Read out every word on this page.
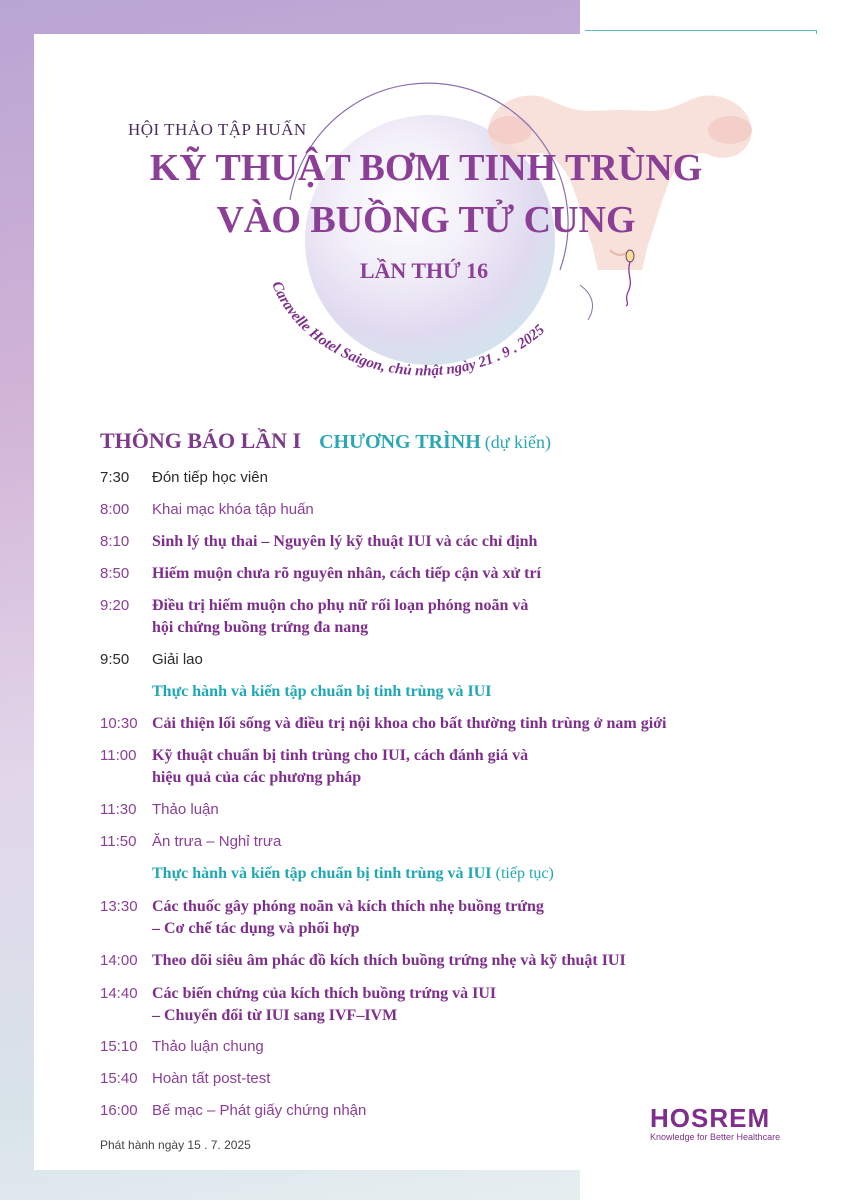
HỘI THẢO TẬP HUẤN
KỸ THUẬT BƠM TINH TRÙNG
VÀO BUỒNG TỬ CUNG
LẦN THỨ 16
Caravelle Hotel Saigon, chủ nhật ngày 21 . 9 . 2025
THÔNG BÁO LẦN I CHƯƠNG TRÌNH (dự kiến)
7:30	Đón tiếp học viên
8:00	Khai mạc khóa tập huấn
8:10	Sinh lý thụ thai – Nguyên lý kỹ thuật IUI và các chỉ định
8:50	Hiếm muộn chưa rõ nguyên nhân, cách tiếp cận và xử trí
9:20	Điều trị hiếm muộn cho phụ nữ rối loạn phóng noãn và
hội chứng buồng trứng đa nang
9:50	Giải lao
Thực hành và kiến tập chuẩn bị tinh trùng và IUI
10:30 Cải thiện lối sống và điều trị nội khoa cho bất thường tinh trùng ở nam giới
11:00 Kỹ thuật chuẩn bị tinh trùng cho IUI, cách đánh giá và
hiệu quả của các phương pháp
11:30	Thảo luận
11:50	Ăn trưa – Nghỉ trưa
Thực hành và kiến tập chuẩn bị tinh trùng và IUI (tiếp tục)
13:30 Các thuốc gây phóng noãn và kích thích nhẹ buồng trứng
– Cơ chế tác dụng và phối hợp
14:00 Theo dõi siêu âm phác đồ kích thích buồng trứng nhẹ và kỹ thuật IUI
14:40 Các biến chứng của kích thích buồng trứng và IUI
– Chuyển đổi từ IUI sang IVF–IVM
15:10 Thảo luận chung
15:40 Hoàn tất post-test
16:00 Bế mạc – Phát giấy chứng nhận
Phát hành ngày 15 . 7. 2025
HOSREM
Knowledge for Better Healthcare
